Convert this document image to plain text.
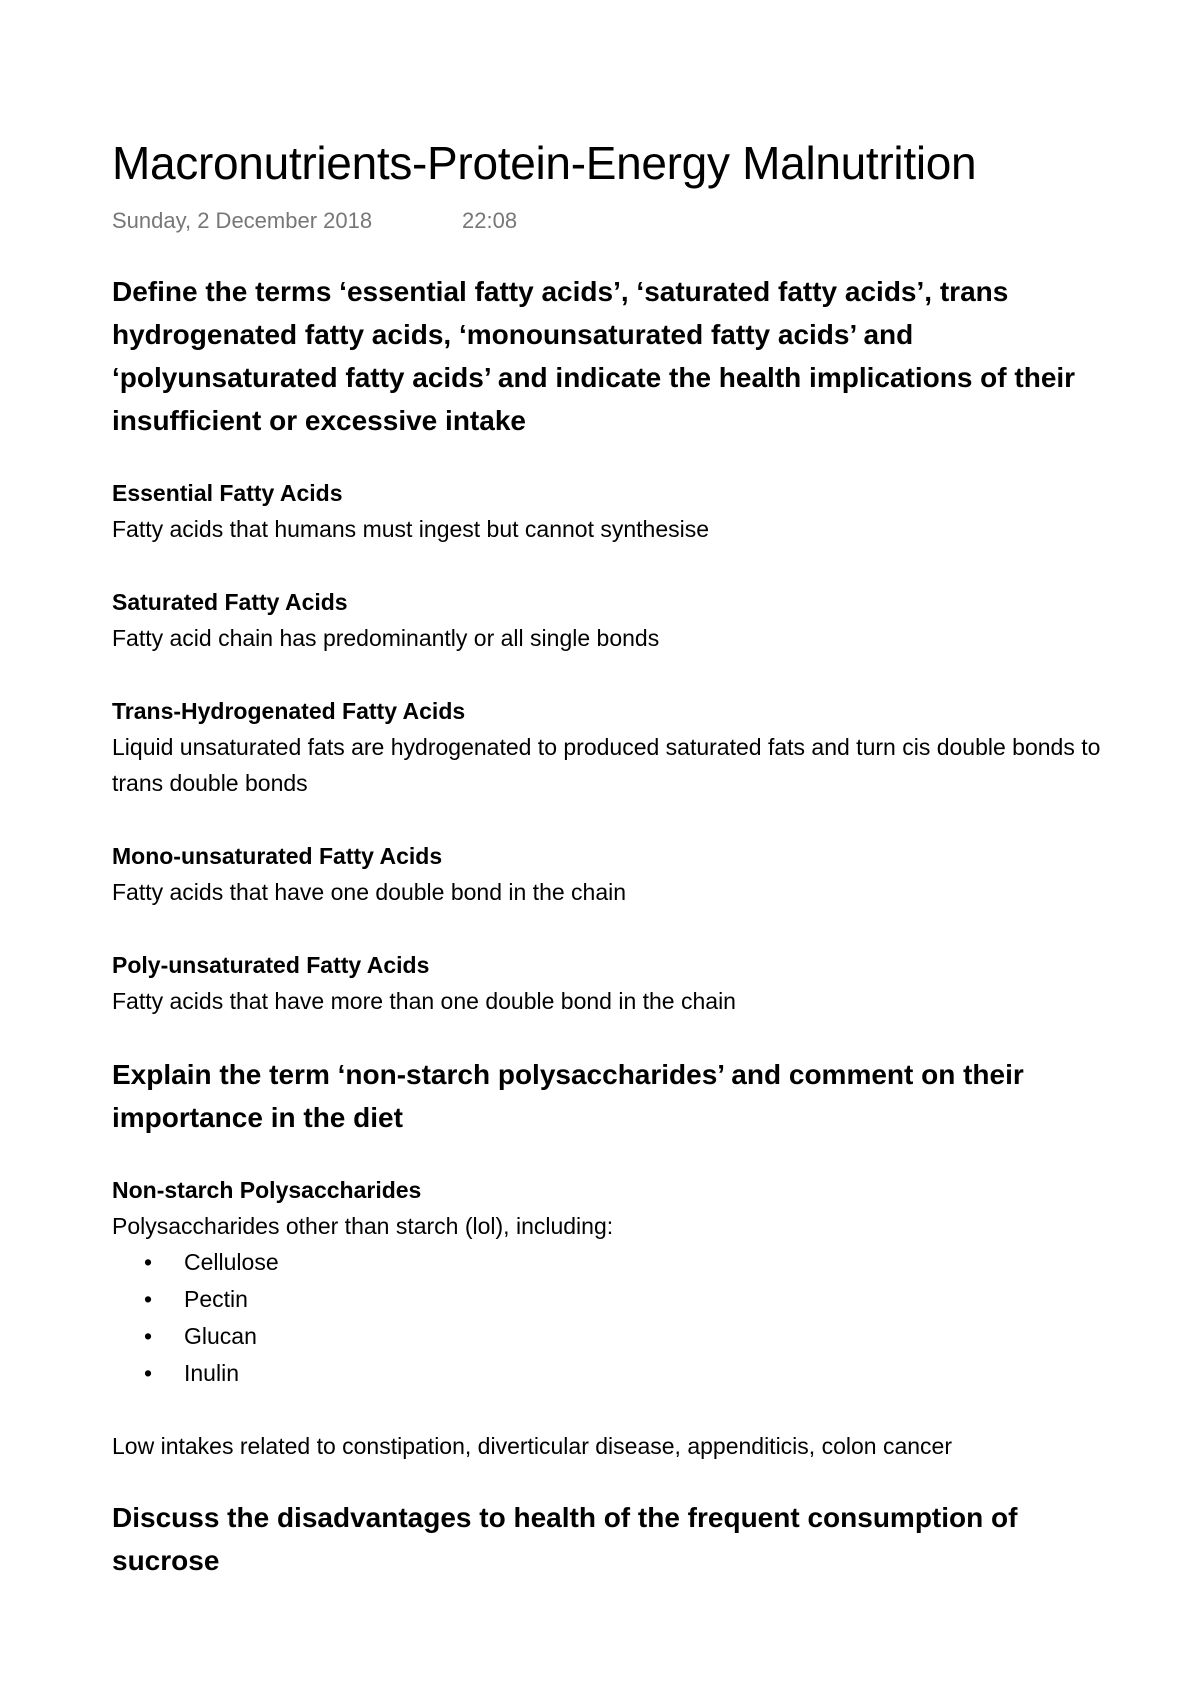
Macronutrients-Protein-Energy Malnutrition
Sunday, 2 December 2018	22:08
Define the terms ‘essential fatty acids’, ‘saturated fatty acids’, trans hydrogenated fatty acids, ‘monounsaturated fatty acids’ and ‘polyunsaturated fatty acids’ and indicate the health implications of their insufficient or excessive intake
Essential Fatty Acids
Fatty acids that humans must ingest but cannot synthesise
Saturated Fatty Acids
Fatty acid chain has predominantly or all single bonds
Trans-Hydrogenated Fatty Acids
Liquid unsaturated fats are hydrogenated to produced saturated fats and turn cis double bonds to trans double bonds
Mono-unsaturated Fatty Acids
Fatty acids that have one double bond in the chain
Poly-unsaturated Fatty Acids
Fatty acids that have more than one double bond in the chain
Explain the term ‘non-starch polysaccharides’ and comment on their importance in the diet
Non-starch Polysaccharides
Polysaccharides other than starch (lol), including:
• Cellulose
• Pectin
• Glucan
• Inulin
Low intakes related to constipation, diverticular disease, appenditicis, colon cancer
Discuss the disadvantages to health of the frequent consumption of sucrose
